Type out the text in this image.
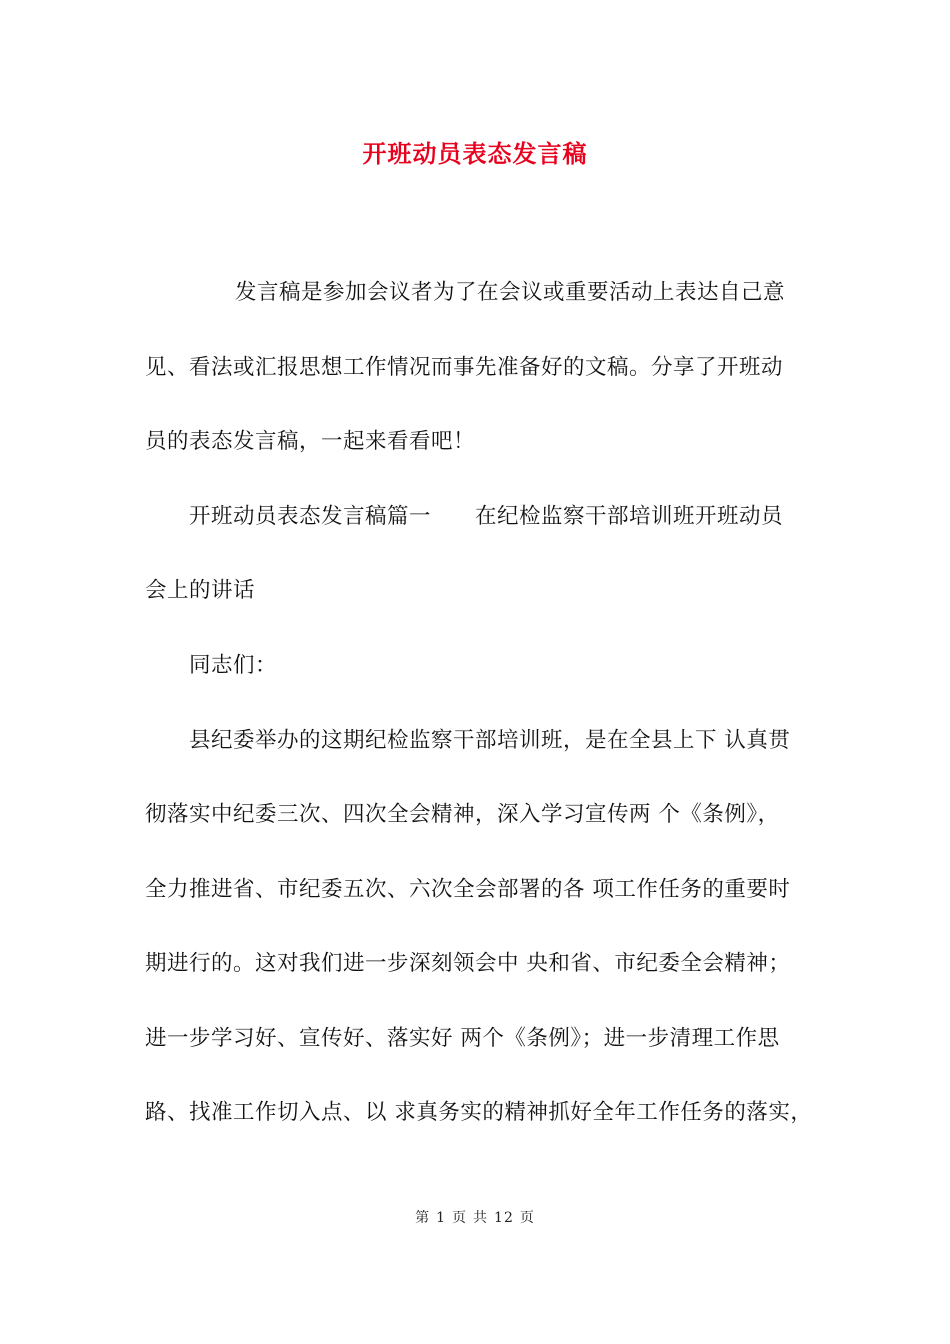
开班动员表态发言稿
发言稿是参加会议者为了在会议或重要活动上表达自己意
见、看法或汇报思想工作情况而事先准备好的文稿。分享了开班动
员的表态发言稿，一起来看看吧！
开班动员表态发言稿篇一　　在纪检监察干部培训班开班动员
会上的讲话
同志们：
县纪委举办的这期纪检监察干部培训班，是在全县上下 认真贯
彻落实中纪委三次、四次全会精神，深入学习宣传两 个《条例》，
全力推进省、市纪委五次、六次全会部署的各 项工作任务的重要时
期进行的。这对我们进一步深刻领会中 央和省、市纪委全会精神；
进一步学习好、宣传好、落实好 两个《条例》；进一步清理工作思
路、找准工作切入点、以 求真务实的精神抓好全年工作任务的落实，
第 1 页 共 12 页
